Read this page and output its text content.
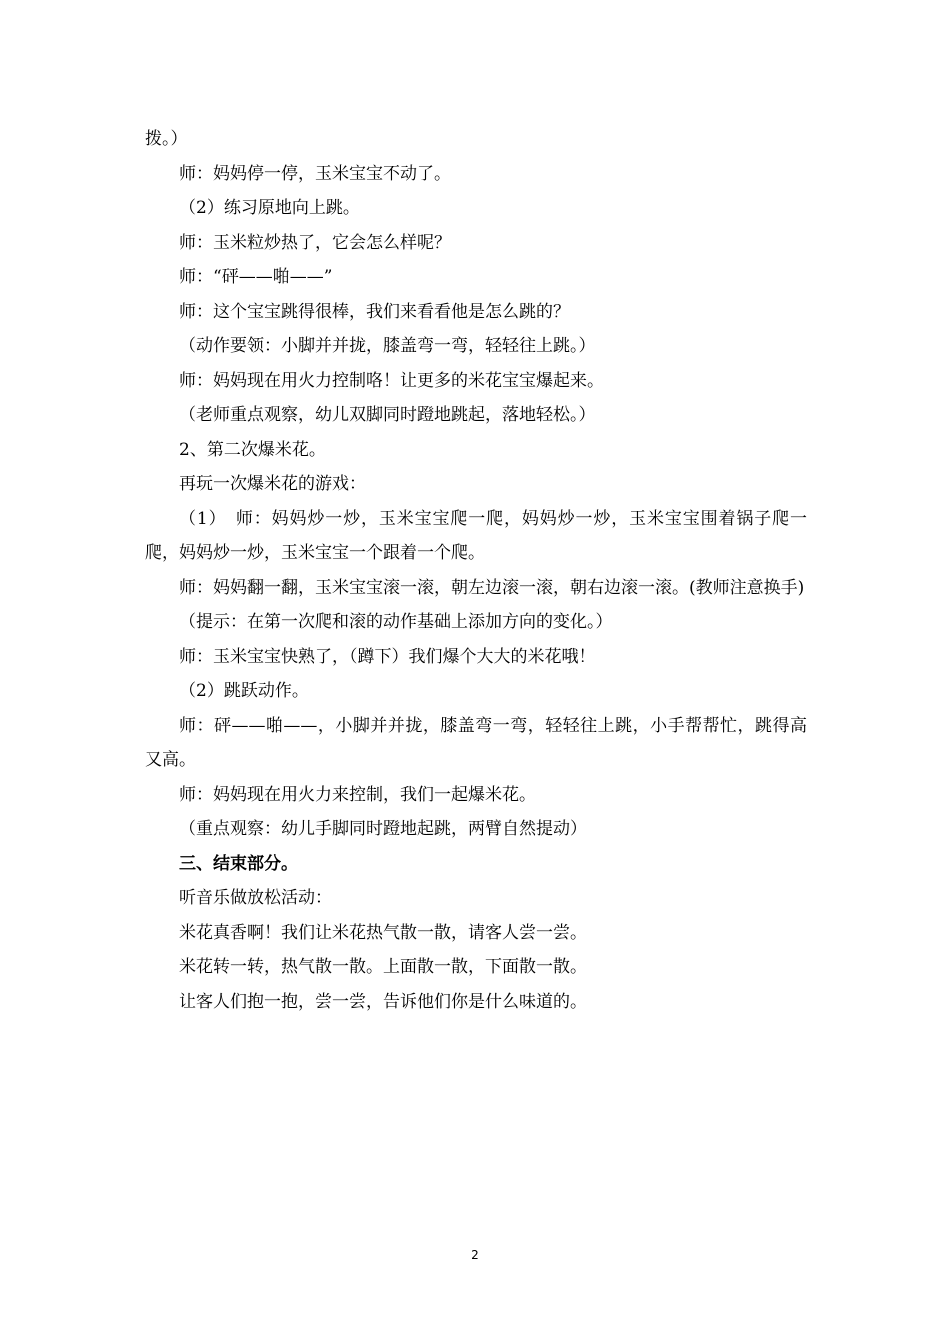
拨。）

师：妈妈停一停，玉米宝宝不动了。

（2）练习原地向上跳。

师：玉米粒炒热了，它会怎么样呢？

师：“砰——啪——”

师：这个宝宝跳得很棒，我们来看看他是怎么跳的？

（动作要领：小脚并并拢，膝盖弯一弯，轻轻往上跳。）

师：妈妈现在用火力控制咯！让更多的米花宝宝爆起来。

（老师重点观察，幼儿双脚同时蹬地跳起，落地轻松。）

2、第二次爆米花。

再玩一次爆米花的游戏：

（1）　师：妈妈炒一炒，玉米宝宝爬一爬，妈妈炒一炒，玉米宝宝围着锅子爬一爬，妈妈炒一炒，玉米宝宝一个跟着一个爬。

师：妈妈翻一翻，玉米宝宝滚一滚，朝左边滚一滚，朝右边滚一滚。(教师注意换手)

（提示：在第一次爬和滚的动作基础上添加方向的变化。）

师：玉米宝宝快熟了，（蹲下）我们爆个大大的米花哦！

（2）跳跃动作。

师：砰——啪——，小脚并并拢，膝盖弯一弯，轻轻往上跳，小手帮帮忙，跳得高又高。

师：妈妈现在用火力来控制，我们一起爆米花。

（重点观察：幼儿手脚同时蹬地起跳，两臂自然提动）

三、结束部分。

听音乐做放松活动：

米花真香啊！我们让米花热气散一散，请客人尝一尝。

米花转一转，热气散一散。上面散一散，下面散一散。

让客人们抱一抱，尝一尝，告诉他们你是什么味道的。

2
